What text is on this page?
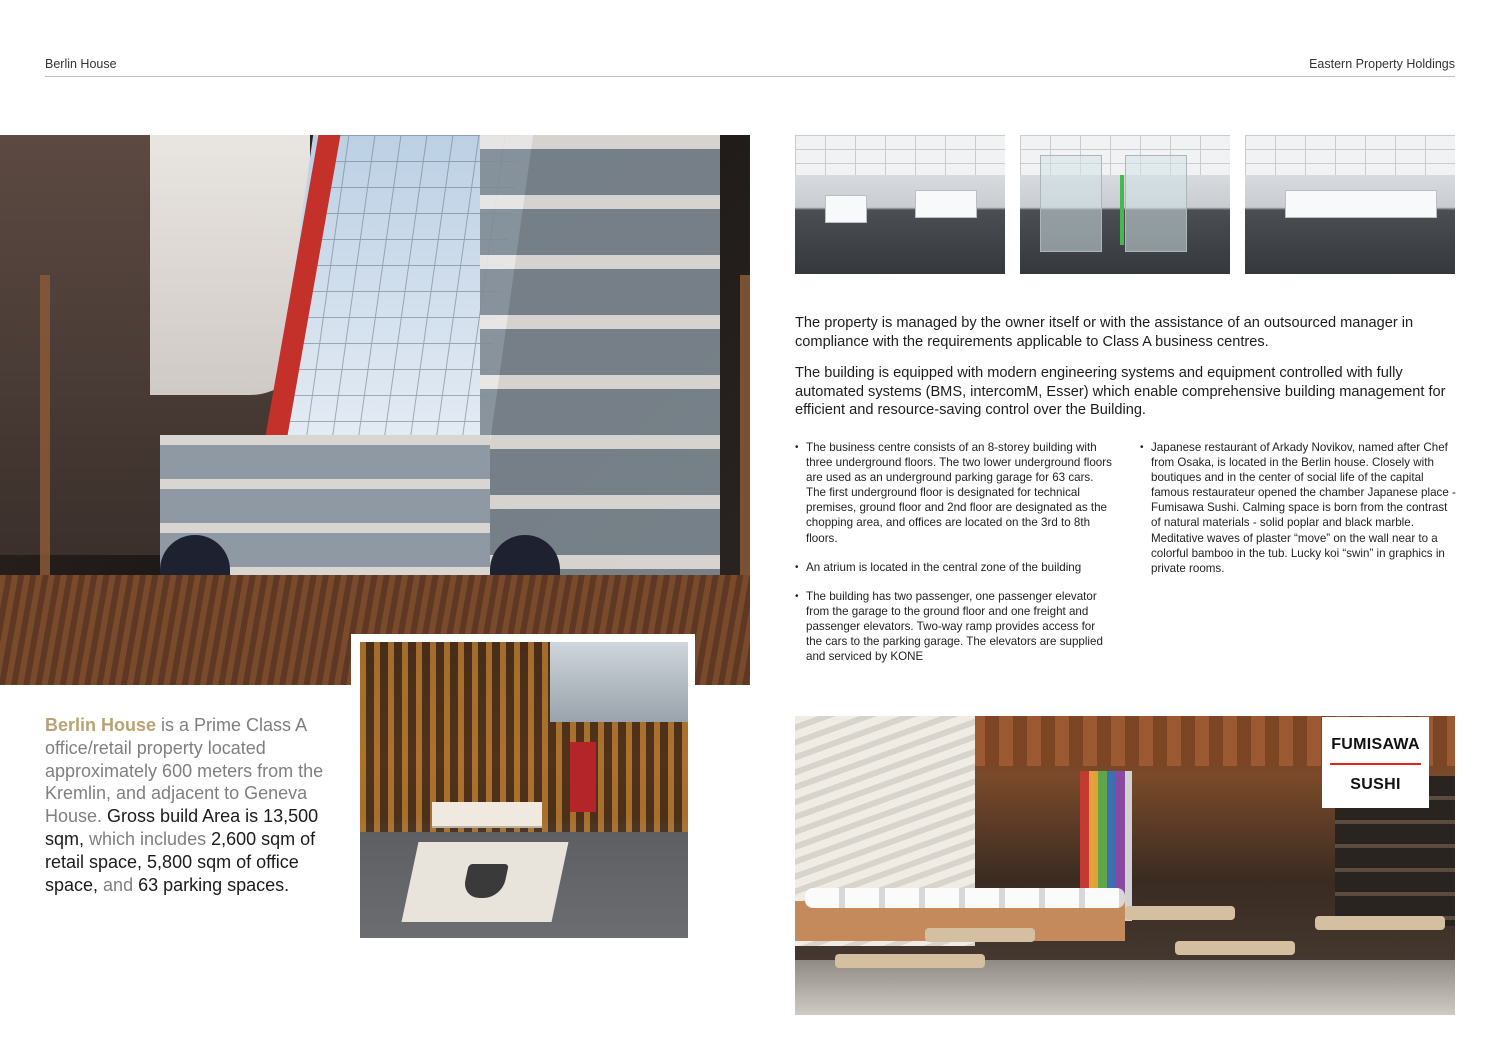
Berlin House	Eastern Property Holdings

Berlin House is a Prime Class A office/retail property located approximately 600 meters from the Kremlin, and adjacent to Geneva House. Gross build Area is 13,500 sqm, which includes 2,600 sqm of retail space, 5,800 sqm of office space, and 63 parking spaces.

The property is managed by the owner itself or with the assistance of an outsourced manager in compliance with the requirements applicable to Class A business centres.

The building is equipped with modern engineering systems and equipment controlled with fully automated systems (BMS, intercomM, Esser) which enable comprehensive building management for efficient and resource-saving control over the Building.

• The business centre consists of an 8-storey building with three underground floors. The two lower underground floors are used as an underground parking garage for 63 cars. The first underground floor is designated for technical premises, ground floor and 2nd floor are designated as the chopping area, and offices are located on the 3rd to 8th floors.
• An atrium is located in the central zone of the building
• The building has two passenger, one passenger elevator from the garage to the ground floor and one freight and passenger elevators. Two-way ramp provides access for the cars to the parking garage. The elevators are supplied and serviced by KONE
• Japanese restaurant of Arkady Novikov, named after Chef from Osaka, is located in the Berlin house. Closely with boutiques and in the center of social life of the capital famous restaurateur opened the chamber Japanese place - Fumisawa Sushi. Calming space is born from the contrast of natural materials - solid poplar and black marble. Meditative waves of plaster “move” on the wall near to a colorful bamboo in the tub. Lucky koi “swin” in graphics in private rooms.
FUMISAWA
SUSHI
